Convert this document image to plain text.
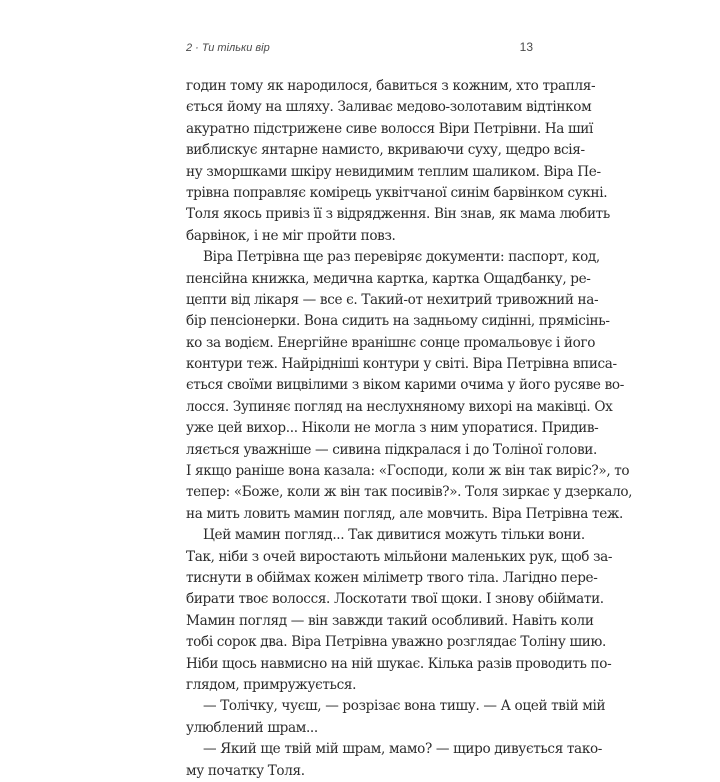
2 · Ти тільки вір	13
годин тому як народилося, бавиться з кожним, хто трапля-
ється йому на шляху. Заливає медово-золотавим відтінком
акуратно підстрижене сиве волосся Віри Петрівни. На шиї
виблискує янтарне намисто, вкриваючи суху, щедро всія-
ну зморшками шкіру невидимим теплим шаликом. Віра Пе-
трівна поправляє комірець уквітчаної синім барвінком сукні.
Толя якось привіз її з відрядження. Він знав, як мама любить
барвінок, і не міг пройти повз.
Віра Петрівна ще раз перевіряє документи: паспорт, код,
пенсійна книжка, медична картка, картка Ощадбанку, ре-
цепти від лікаря — все є. Такий-от нехитрий тривожний на-
бір пенсіонерки. Вона сидить на задньому сидінні, прямісінь-
ко за водієм. Енергійне вранішнє сонце промальовує і його
контури теж. Найрідніші контури у світі. Віра Петрівна вписа-
ється своїми вицвілими з віком карими очима у його русяве во-
лосся. Зупиняє погляд на неслухняному вихорі на маківці. Ох
уже цей вихор... Ніколи не могла з ним упоратися. Придив-
ляється уважніше — сивина підкралася і до Толіної голови.
І якщо раніше вона казала: «Господи, коли ж він так виріс?», то
тепер: «Боже, коли ж він так посивів?». Толя зиркає у дзеркало,
на мить ловить мамин погляд, але мовчить. Віра Петрівна теж.
Цей мамин погляд... Так дивитися можуть тільки вони.
Так, ніби з очей виростають мільйони маленьких рук, щоб за-
тиснути в обіймах кожен міліметр твого тіла. Лагідно пере-
бирати твоє волосся. Лоскотати твої щоки. І знову обіймати.
Мамин погляд — він завжди такий особливий. Навіть коли
тобі сорок два. Віра Петрівна уважно розглядає Толіну шию.
Ніби щось навмисно на ній шукає. Кілька разів проводить по-
глядом, примружується.
— Толічку, чуєш, — розрізає вона тишу. — А оцей твій мій
улюблений шрам...
— Який ще твій мій шрам, мамо? — щиро дивується тако-
му початку Толя.
